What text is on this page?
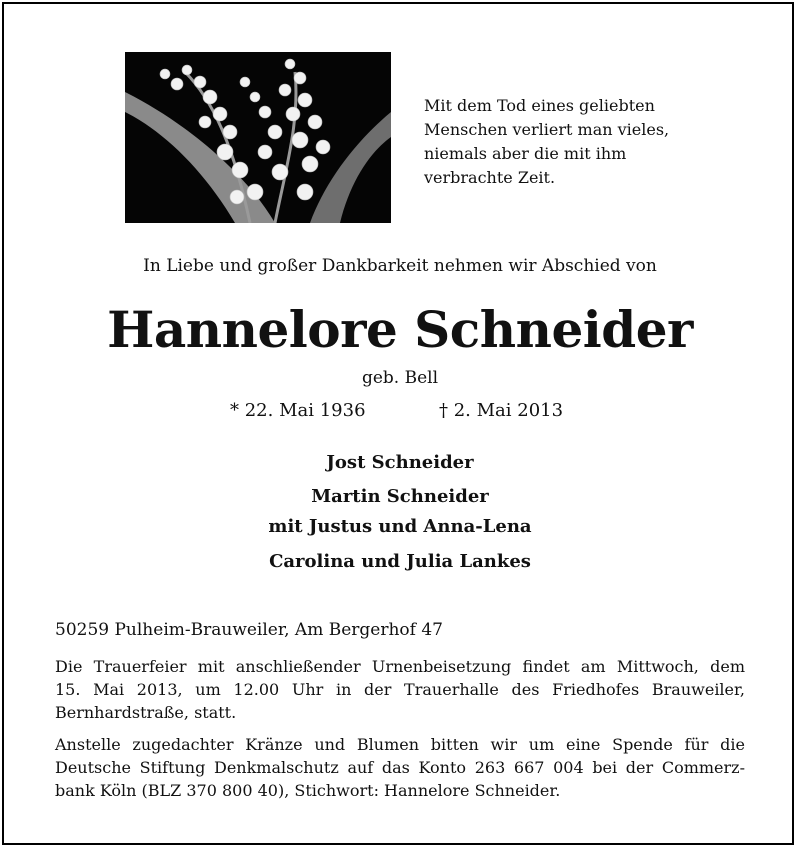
Mit dem Tod eines geliebten
Menschen verliert man vieles,
niemals aber die mit ihm
verbrachte Zeit.
In Liebe und großer Dankbarkeit nehmen wir Abschied von
Hannelore Schneider
geb. Bell
* 22. Mai 1936	† 2. Mai 2013
Jost Schneider
Martin Schneider
mit Justus und Anna-Lena
Carolina und Julia Lankes
50259 Pulheim-Brauweiler, Am Bergerhof 47
Die Trauerfeier mit anschließender Urnenbeisetzung findet am Mittwoch, dem
15. Mai 2013, um 12.00 Uhr in der Trauerhalle des Friedhofes Brauweiler,
Bernhardstraße, statt.
Anstelle zugedachter Kränze und Blumen bitten wir um eine Spende für die
Deutsche Stiftung Denkmalschutz auf das Konto 263 667 004 bei der Commerz-
bank Köln (BLZ 370 800 40), Stichwort: Hannelore Schneider.
